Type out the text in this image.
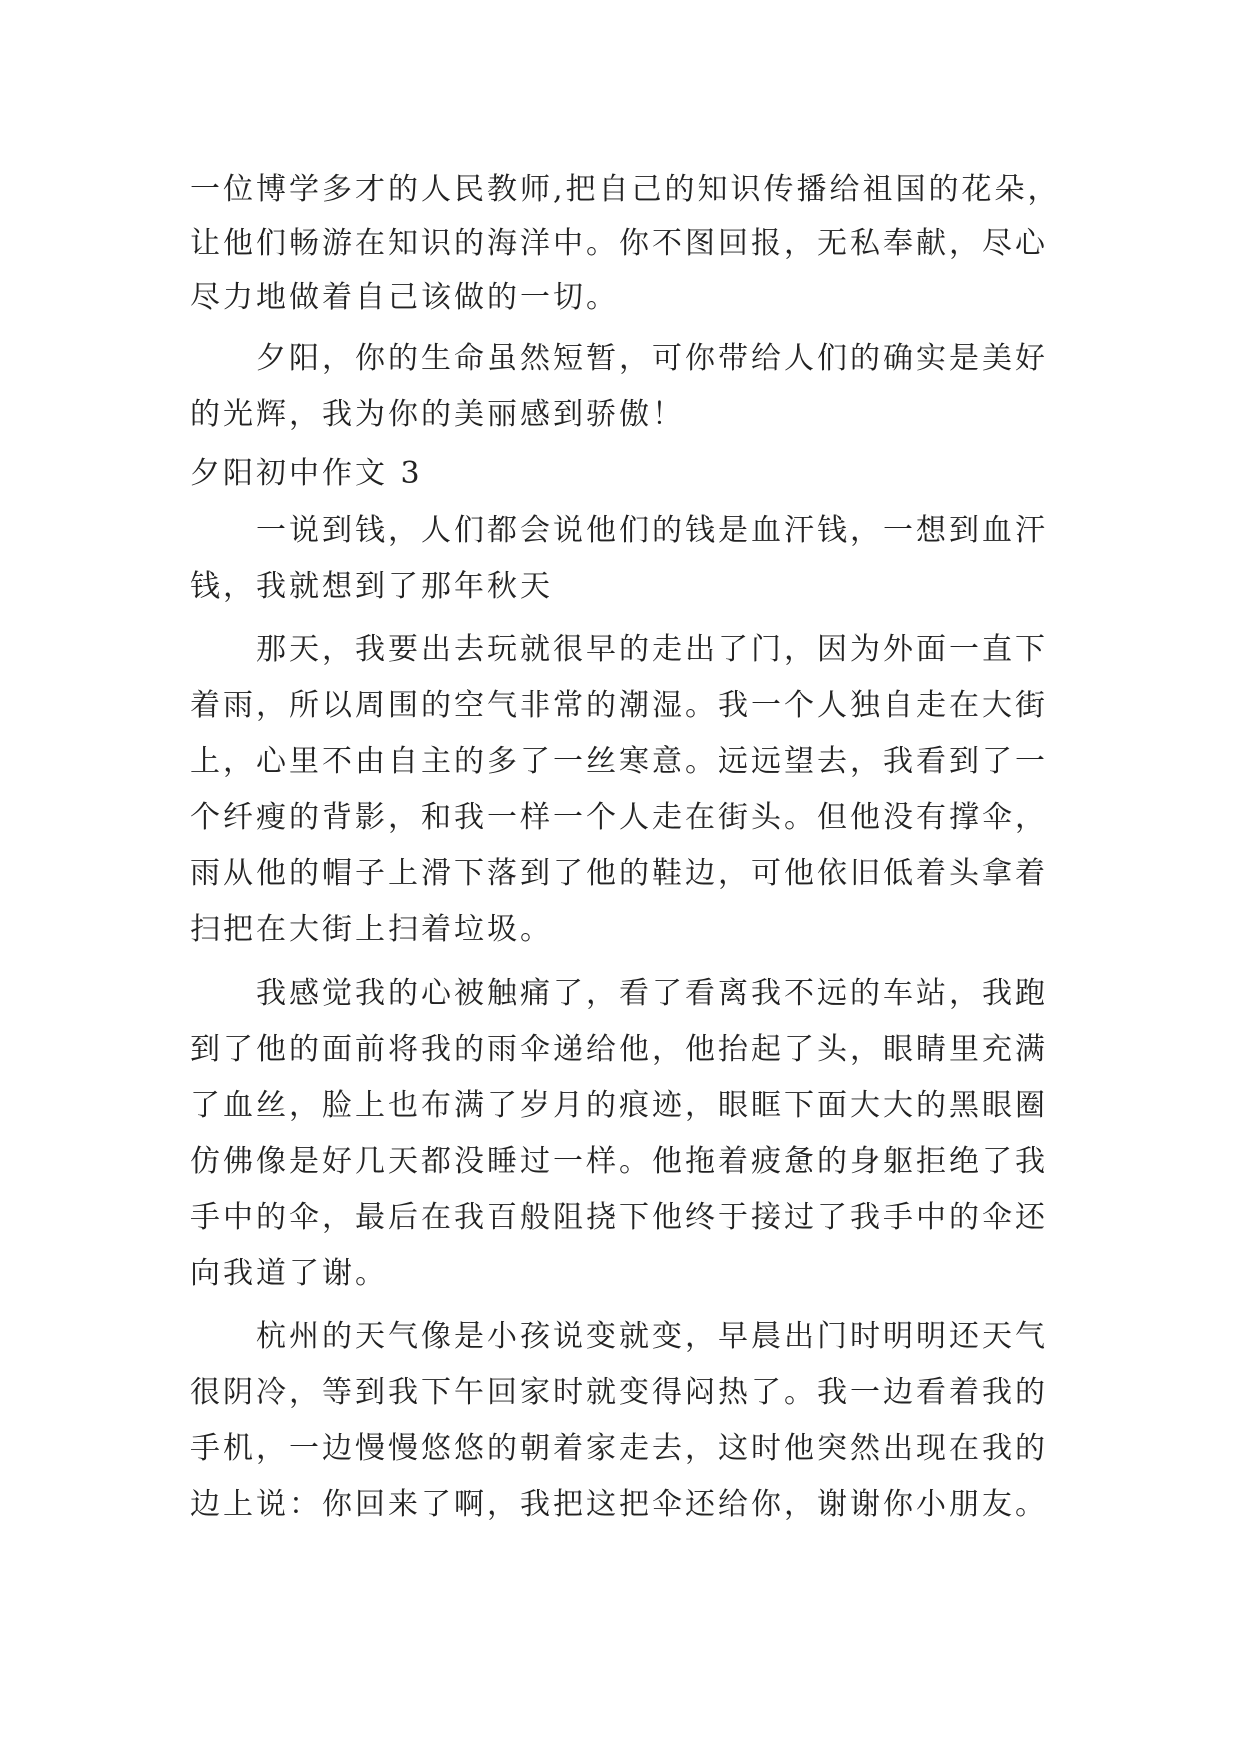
一位博学多才的人民教师,把自己的知识传播给祖国的花朵，

让他们畅游在知识的海洋中。你不图回报，无私奉献，尽心

尽力地做着自己该做的一切。

夕阳，你的生命虽然短暂，可你带给人们的确实是美好

的光辉，我为你的美丽感到骄傲！

夕阳初中作文 3

一说到钱，人们都会说他们的钱是血汗钱，一想到血汗

钱，我就想到了那年秋天

那天，我要出去玩就很早的走出了门，因为外面一直下

着雨，所以周围的空气非常的潮湿。我一个人独自走在大街

上，心里不由自主的多了一丝寒意。远远望去，我看到了一

个纤瘦的背影，和我一样一个人走在街头。但他没有撑伞，

雨从他的帽子上滑下落到了他的鞋边，可他依旧低着头拿着

扫把在大街上扫着垃圾。

我感觉我的心被触痛了，看了看离我不远的车站，我跑

到了他的面前将我的雨伞递给他，他抬起了头，眼睛里充满

了血丝，脸上也布满了岁月的痕迹，眼眶下面大大的黑眼圈

仿佛像是好几天都没睡过一样。他拖着疲惫的身躯拒绝了我

手中的伞，最后在我百般阻挠下他终于接过了我手中的伞还

向我道了谢。

杭州的天气像是小孩说变就变，早晨出门时明明还天气

很阴冷，等到我下午回家时就变得闷热了。我一边看着我的

手机，一边慢慢悠悠的朝着家走去，这时他突然出现在我的

边上说：你回来了啊，我把这把伞还给你，谢谢你小朋友。
